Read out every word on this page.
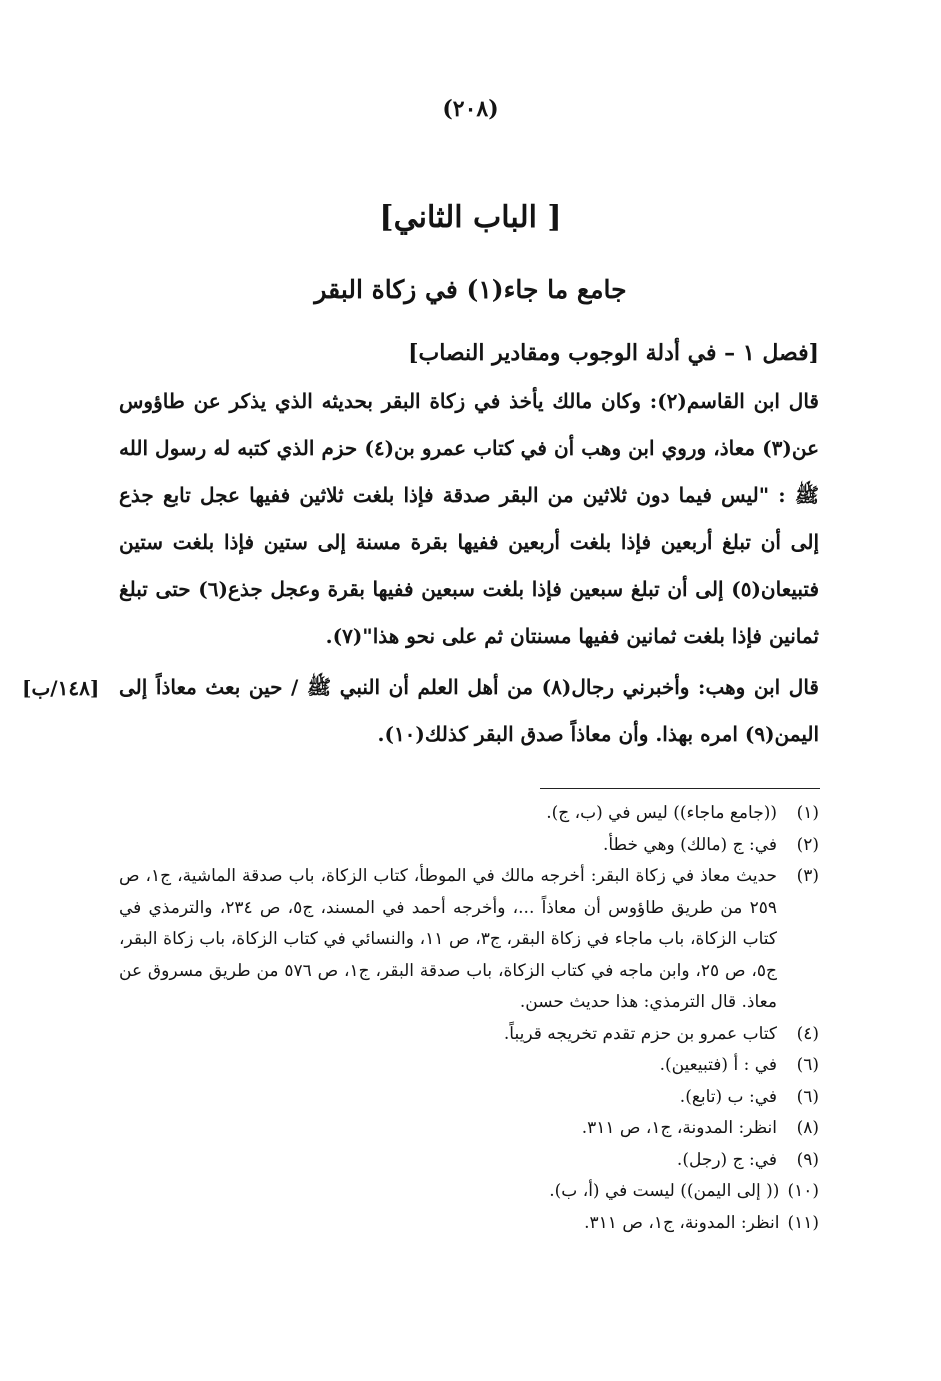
(٢٠٨)
[ الباب الثاني]
جامع ما جاء(١) في زكاة البقر
[فصل ١ – في أدلة الوجوب ومقادير النصاب]

قال ابن القاسم(٢): وكان مالك يأخذ في زكاة البقر بحديثه الذي يذكر عن طاؤوس عن(٣) معاذ، وروي ابن وهب أن في كتاب عمرو بن(٤) حزم الذي كتبه له رسول الله ﷺ : "ليس فيما دون ثلاثين من البقر صدقة فإذا بلغت ثلاثين ففيها عجل تابع جذع إلى أن تبلغ أربعين فإذا بلغت أربعين ففيها بقرة مسنة إلى ستين فإذا بلغت ستين فتبيعان(٥) إلى أن تبلغ سبعين فإذا بلغت سبعين ففيها بقرة وعجل جذع(٦) حتى تبلغ ثمانين فإذا بلغت ثمانين ففيها مسنتان ثم على نحو هذا"(٧).

قال ابن وهب: وأخبرني رجال(٨) من أهل العلم أن النبي ﷺ / حين بعث معاذاً إلى اليمن(٩) امره بهذا. وأن معاذاً صدق البقر كذلك(١٠).

[١٤٨/ب]
(١)
((جامع ماجاء)) ليس في (ب، ج).
(٢)
في: ج (مالك) وهي خطأ.
(٣)
حديث معاذ في زكاة البقر: أخرجه مالك في الموطأ، كتاب الزكاة، باب صدقة الماشية، ج١، ص ٢٥٩ من طريق طاؤوس أن معاذاً ...، وأخرجه أحمد في المسند، ج٥، ص ٢٣٤، والترمذي في كتاب الزكاة، باب ماجاء في زكاة البقر، ج٣، ص ١١، والنسائي في كتاب الزكاة، باب زكاة البقر، ج٥، ص ٢٥، وابن ماجه في كتاب الزكاة، باب صدقة البقر، ج١، ص ٥٧٦ من طريق مسروق عن معاذ. قال الترمذي: هذا حديث حسن.
(٤)
كتاب عمرو بن حزم تقدم تخريجه قريباً.
(٦)
في : أ (فتبيعين).
(٦)
في: ب (تابع).
(٨)
انظر: المدونة، ج١، ص ٣١١.
(٩)
في: ج (رجل).
(١٠)
(( إلى اليمن)) ليست في (أ، ب).
(١١)
انظر: المدونة، ج١، ص ٣١١.
